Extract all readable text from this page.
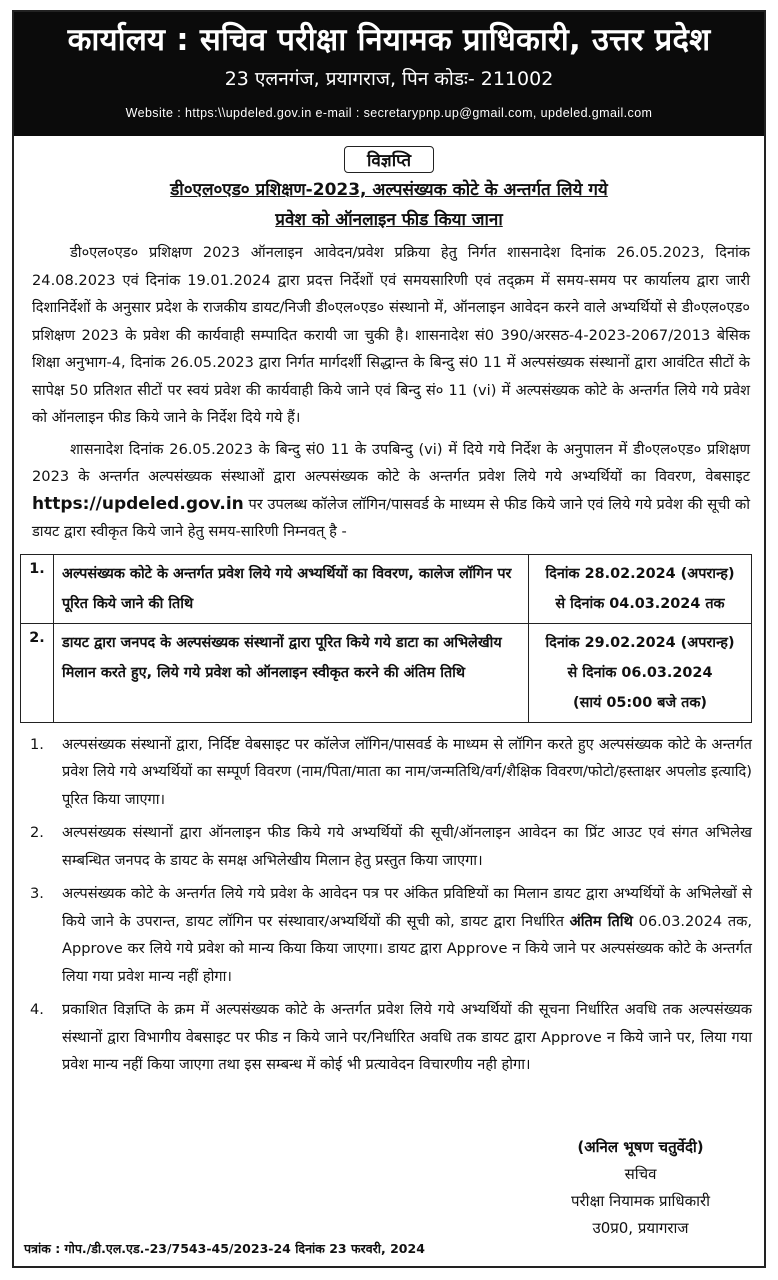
कार्यालय : सचिव परीक्षा नियामक प्राधिकारी, उत्तर प्रदेश
23 एलनगंज, प्रयागराज, पिन कोडः- 211002
Website : https:\\updeled.gov.in e-mail : secretarypnp.up@gmail.com, updeled.gmail.com
विज्ञप्ति
डी०एल०एड० प्रशिक्षण-2023, अल्पसंख्यक कोटे के अन्तर्गत लिये गये
प्रवेश को ऑनलाइन फीड किया जाना
डी०एल०एड० प्रशिक्षण 2023 ऑनलाइन आवेदन/प्रवेश प्रक्रिया हेतु निर्गत शासनादेश दिनांक 26.05.2023, दिनांक 24.08.2023 एवं दिनांक 19.01.2024 द्वारा प्रदत्त निर्देशों एवं समयसारिणी एवं तद्क्रम में समय-समय पर कार्यालय द्वारा जारी दिशानिर्देशों के अनुसार प्रदेश के राजकीय डायट/निजी डी०एल०एड० संस्थानो में, ऑनलाइन आवेदन करने वाले अभ्यर्थियों से डी०एल०एड० प्रशिक्षण 2023 के प्रवेश की कार्यवाही सम्पादित करायी जा चुकी है। शासनादेश सं0 390/अरसठ-4-2023-2067/2013 बेसिक शिक्षा अनुभाग-4, दिनांक 26.05.2023 द्वारा निर्गत मार्गदर्शी सिद्धान्त के बिन्दु सं0 11 में अल्पसंख्यक संस्थानों द्वारा आवंटित सीटों के सापेक्ष 50 प्रतिशत सीटों पर स्वयं प्रवेश की कार्यवाही किये जाने एवं बिन्दु सं० 11 (vi) में अल्पसंख्यक कोटे के अन्तर्गत लिये गये प्रवेश को ऑनलाइन फीड किये जाने के निर्देश दिये गये हैं।
शासनादेश दिनांक 26.05.2023 के बिन्दु सं0 11 के उपबिन्दु (vi) में दिये गये निर्देश के अनुपालन में डी०एल०एड० प्रशिक्षण 2023 के अन्तर्गत अल्पसंख्यक संस्थाओं द्वारा अल्पसंख्यक कोटे के अन्तर्गत प्रवेश लिये गये अभ्यर्थियों का विवरण, वेबसाइट https://updeled.gov.in पर उपलब्ध कॉलेज लॉगिन/पासवर्ड के माध्यम से फीड किये जाने एवं लिये गये प्रवेश की सूची को डायट द्वारा स्वीकृत किये जाने हेतु समय-सारिणी निम्नवत् है -
1.	अल्पसंख्यक कोटे के अन्तर्गत प्रवेश लिये गये अभ्यर्थियों का विवरण, कालेज लॉगिन पर पूरित किये जाने की तिथि	दिनांक 28.02.2024 (अपरान्ह)
से दिनांक 04.03.2024 तक

2.	डायट द्वारा जनपद के अल्पसंख्यक संस्थानों द्वारा पूरित किये गये डाटा का अभिलेखीय मिलान करते हुए, लिये गये प्रवेश को ऑनलाइन स्वीकृत करने की अंतिम तिथि	दिनांक 29.02.2024 (अपरान्ह)
से दिनांक 06.03.2024
(सायं 05:00 बजे तक)
1.	अल्पसंख्यक संस्थानों द्वारा, निर्दिष्ट वेबसाइट पर कॉलेज लॉगिन/पासवर्ड के माध्यम से लॉगिन करते हुए अल्पसंख्यक कोटे के अन्तर्गत प्रवेश लिये गये अभ्यर्थियों का सम्पूर्ण विवरण (नाम/पिता/माता का नाम/जन्मतिथि/वर्ग/शैक्षिक विवरण/फोटो/हस्ताक्षर अपलोड इत्यादि) पूरित किया जाएगा।
2.	अल्पसंख्यक संस्थानों द्वारा ऑनलाइन फीड किये गये अभ्यर्थियों की सूची/ऑनलाइन आवेदन का प्रिंट आउट एवं संगत अभिलेख सम्बन्धित जनपद के डायट के समक्ष अभिलेखीय मिलान हेतु प्रस्तुत किया जाएगा।
3.	अल्पसंख्यक कोटे के अन्तर्गत लिये गये प्रवेश के आवेदन पत्र पर अंकित प्रविष्टियों का मिलान डायट द्वारा अभ्यर्थियों के अभिलेखों से किये जाने के उपरान्त, डायट लॉगिन पर संस्थावार/अभ्यर्थियों की सूची को, डायट द्वारा निर्धारित अंतिम तिथि 06.03.2024 तक, Approve कर लिये गये प्रवेश को मान्य किया किया जाएगा। डायट द्वारा Approve न किये जाने पर अल्पसंख्यक कोटे के अन्तर्गत लिया गया प्रवेश मान्य नहीं होगा।
4.	प्रकाशित विज्ञप्ति के क्रम में अल्पसंख्यक कोटे के अन्तर्गत प्रवेश लिये गये अभ्यर्थियों की सूचना निर्धारित अवधि तक अल्पसंख्यक संस्थानों द्वारा विभागीय वेबसाइट पर फीड न किये जाने पर/निर्धारित अवधि तक डायट द्वारा Approve न किये जाने पर, लिया गया प्रवेश मान्य नहीं किया जाएगा तथा इस सम्बन्ध में कोई भी प्रत्यावेदन विचारणीय नही होगा।
(अनिल भूषण चतुर्वेदी)
सचिव
परीक्षा नियामक प्राधिकारी
उ0प्र0, प्रयागराज
पत्रांक : गोप./डी.एल.एड.-23/7543-45/2023-24 दिनांक 23 फरवरी, 2024
